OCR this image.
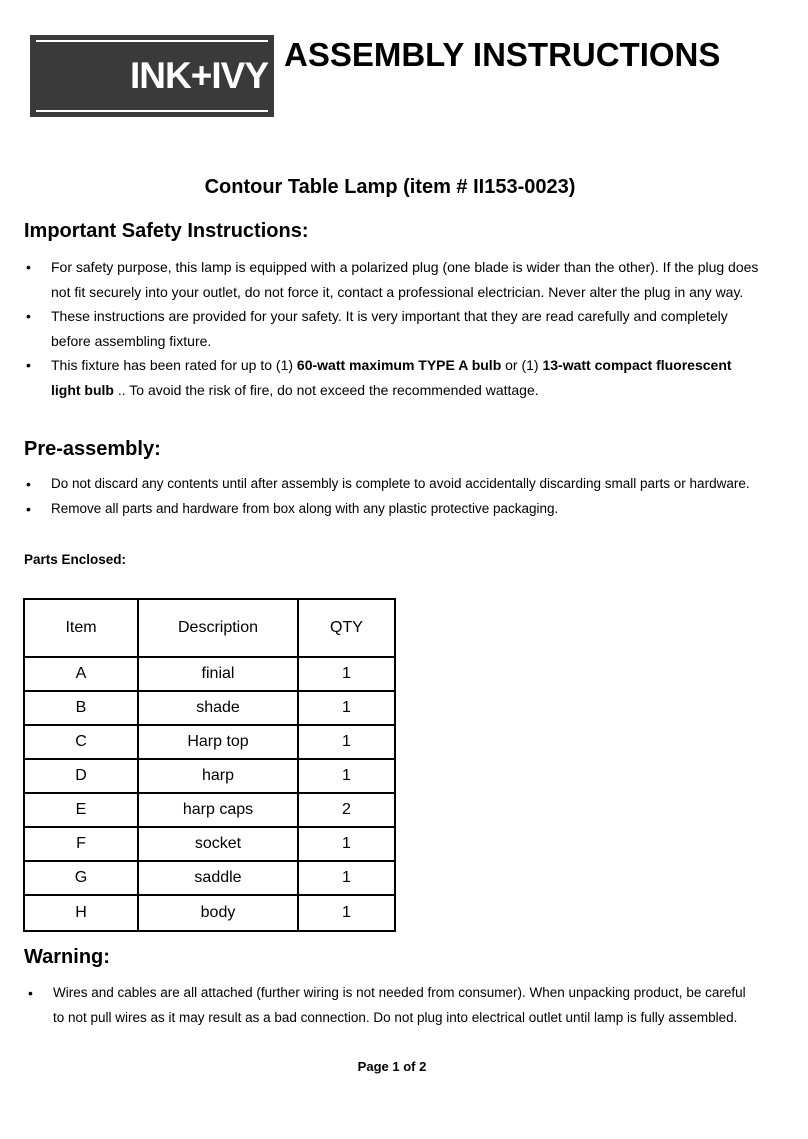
INK+IVY
ASSEMBLY INSTRUCTIONS
Contour Table Lamp (item # II153-0023)
Important Safety Instructions:
• For safety purpose, this lamp is equipped with a polarized plug (one blade is wider than the other). If the plug does not fit securely into your outlet, do not force it, contact a professional electrician. Never alter the plug in any way.
• These instructions are provided for your safety. It is very important that they are read carefully and completely before assembling fixture.
• This fixture has been rated for up to (1) 60-watt maximum TYPE A bulb or (1) 13-watt compact fluorescent light bulb .. To avoid the risk of fire, do not exceed the recommended wattage.
Pre-assembly:
• Do not discard any contents until after assembly is complete to avoid accidentally discarding small parts or hardware.
• Remove all parts and hardware from box along with any plastic protective packaging.
Parts Enclosed:
Item	Description	QTY
A	finial	1
B	shade	1
C	Harp top	1
D	harp	1
E	harp caps	2
F	socket	1
G	saddle	1
H	body	1
Warning:
• Wires and cables are all attached (further wiring is not needed from consumer). When unpacking product, be careful to not pull wires as it may result as a bad connection. Do not plug into electrical outlet until lamp is fully assembled.
Page 1 of 2
